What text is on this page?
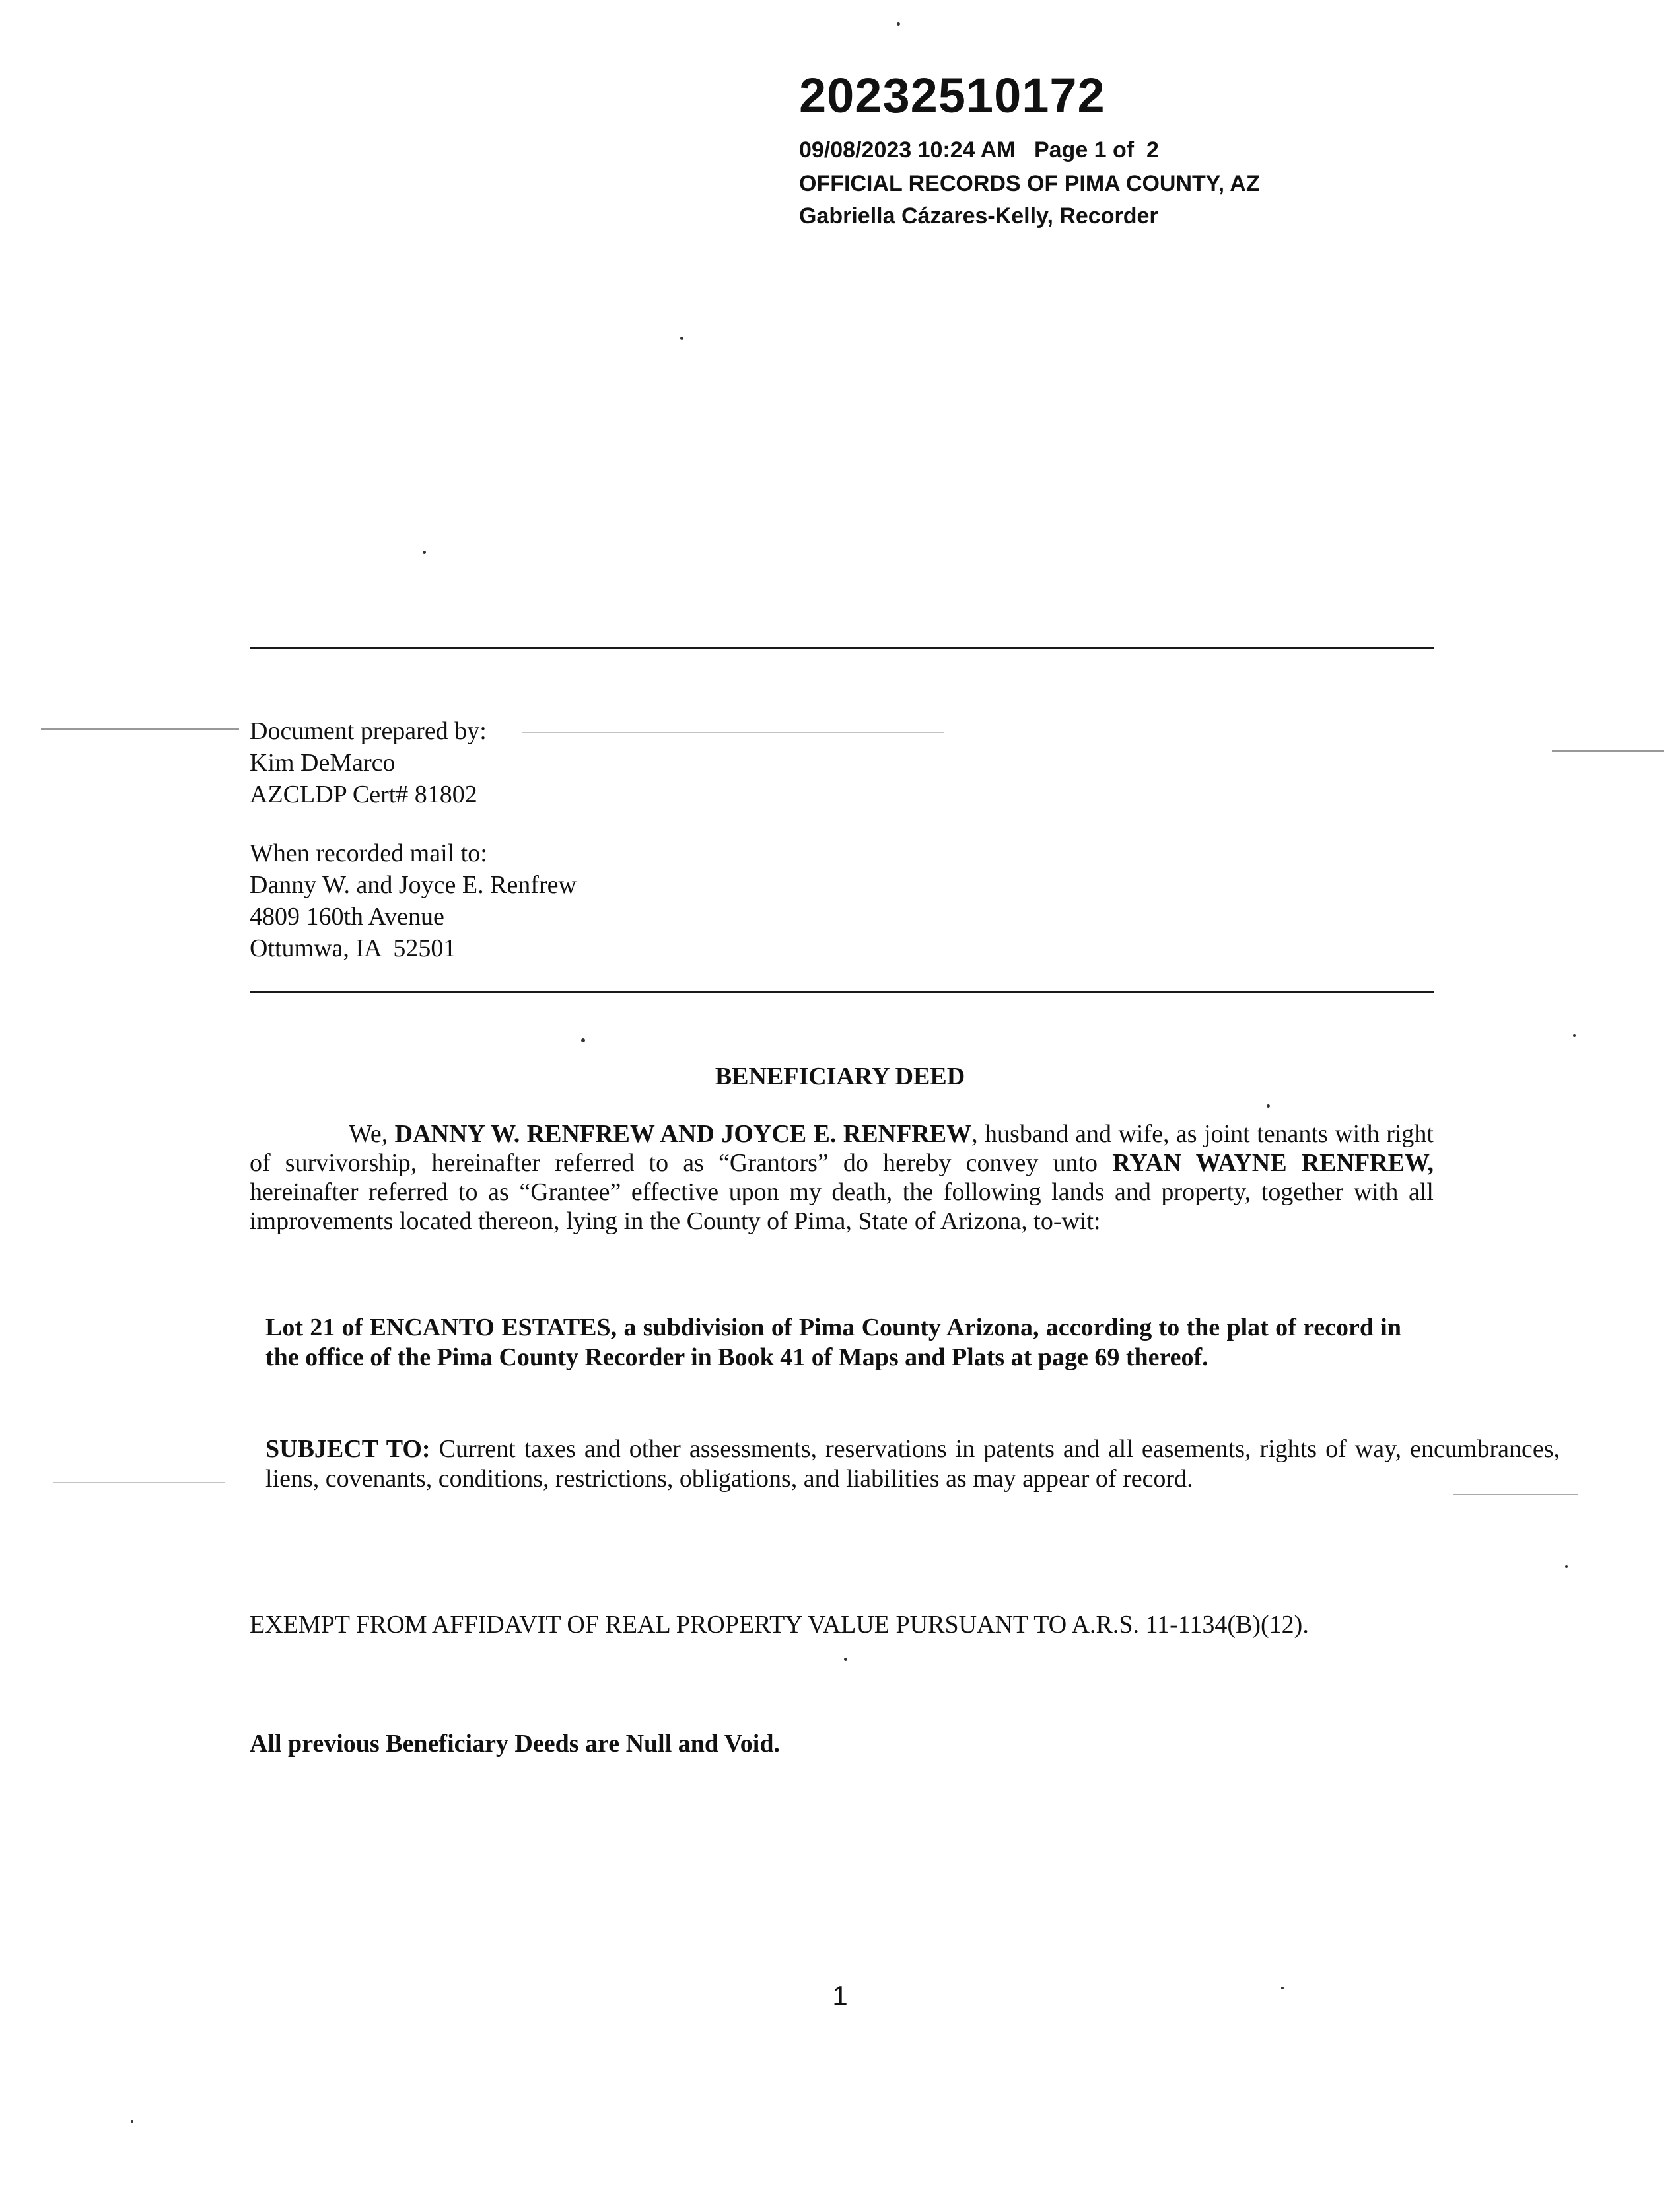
20232510172
09/08/2023 10:24 AM   Page 1 of  2
OFFICIAL RECORDS OF PIMA COUNTY, AZ
Gabriella Cázares-Kelly, Recorder
Document prepared by:
Kim DeMarco
AZCLDP Cert# 81802
When recorded mail to:
Danny W. and Joyce E. Renfrew
4809 160th Avenue
Ottumwa, IA  52501
BENEFICIARY DEED
We, DANNY W. RENFREW AND JOYCE E. RENFREW, husband and wife, as joint tenants with right of survivorship, hereinafter referred to as “Grantors” do hereby convey unto RYAN WAYNE RENFREW, hereinafter referred to as “Grantee” effective upon my death, the following lands and property, together with all improvements located thereon, lying in the County of Pima, State of Arizona, to-wit:
Lot 21 of ENCANTO ESTATES, a subdivision of Pima County Arizona, according to the plat of record in the office of the Pima County Recorder in Book 41 of Maps and Plats at page 69 thereof.
SUBJECT TO: Current taxes and other assessments, reservations in patents and all easements, rights of way, encumbrances, liens, covenants, conditions, restrictions, obligations, and liabilities as may appear of record.
EXEMPT FROM AFFIDAVIT OF REAL PROPERTY VALUE PURSUANT TO A.R.S. 11-1134(B)(12).
All previous Beneficiary Deeds are Null and Void.
1
